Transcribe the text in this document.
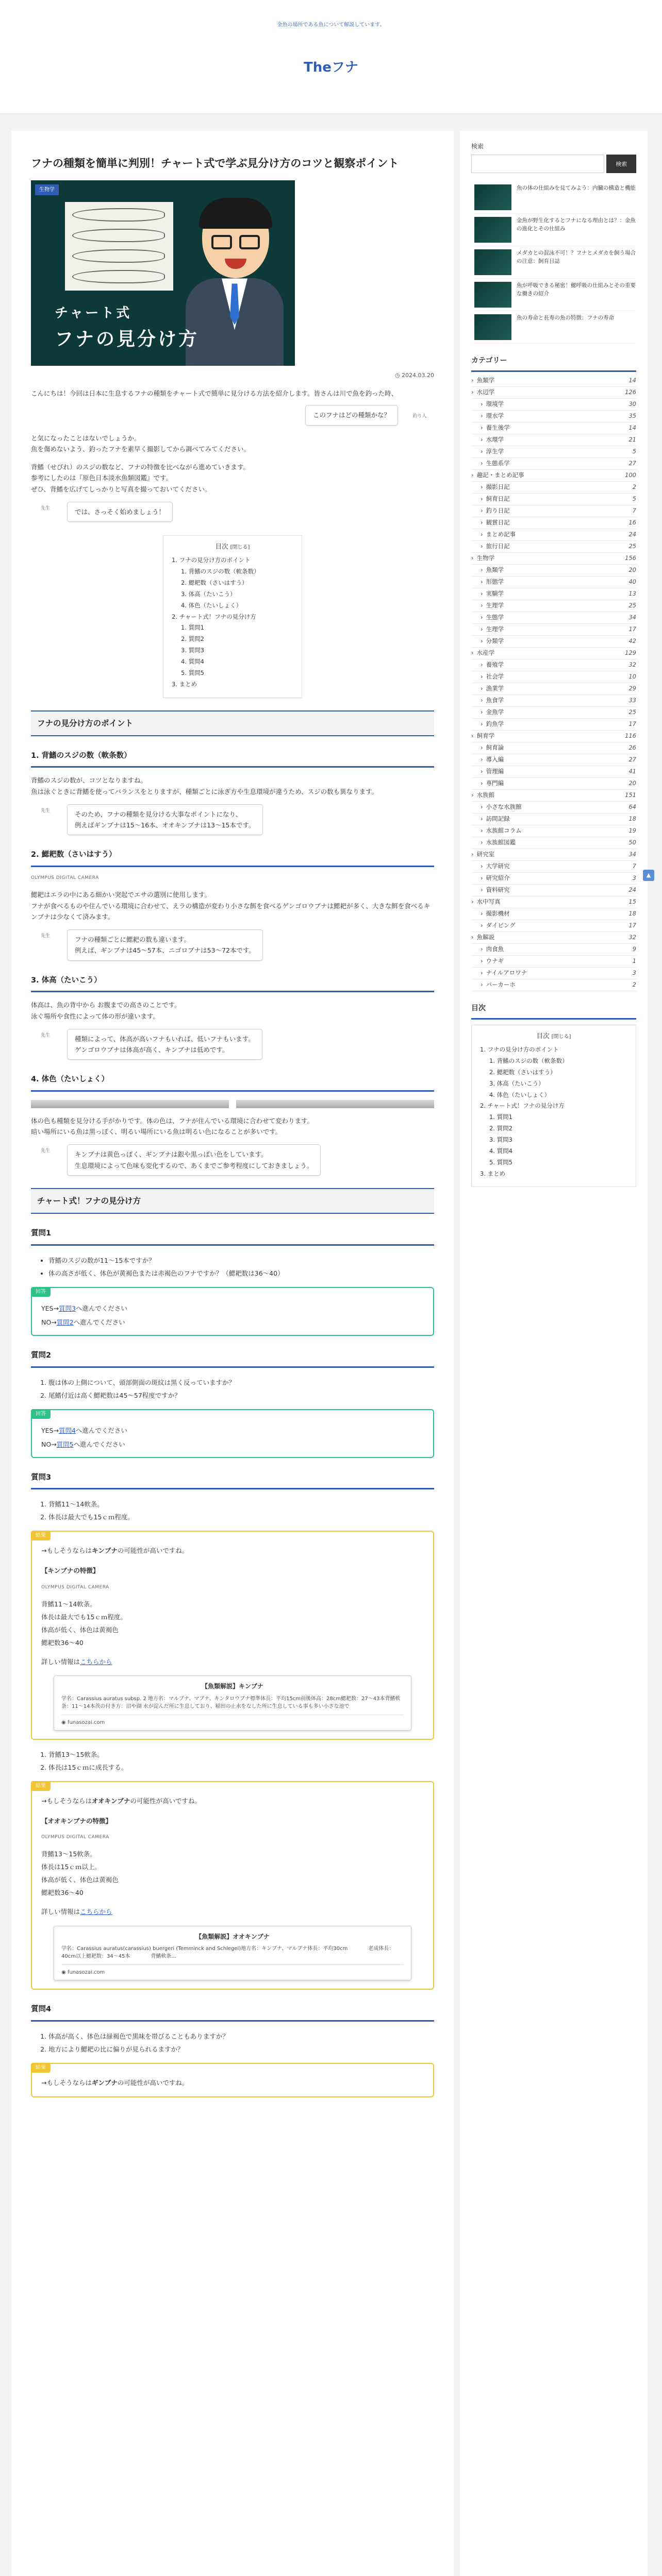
金魚の場所である魚について解説しています。
Theフナ
フナの種類を簡単に判別！チャート式で学ぶ見分け方のコツと観察ポイント
生物学
チャート式
フナの見分け方
◷ 2024.03.20

こんにちは！今回は日本に生息するフナの種類をチャート式で簡単に見分ける方法を紹介します。皆さんは川で魚を釣った時、

このフナはどの種類かな？	釣り人

と気になったことはないでしょうか。
魚を傷めないよう、釣ったフナを素早く撮影してから調べてみてください。

背鰭（せびれ）のスジの数など、フナの特徴を比べながら進めていきます。
参考にしたのは『原色日本淡水魚類図鑑』です。
ぜひ、背鰭を広げてしっかりと写真を撮っておいてください。

先生	では、さっそく始めましょう！
目次 [閉じる]
1. フナの見分け方のポイント
1. 背鰭のスジの数（軟条数）
2. 鰓耙数（さいはすう）
3. 体高（たいこう）
4. 体色（たいしょく）
2. チャート式！フナの見分け方
1. 質問1
2. 質問2
3. 質問3
4. 質問4
5. 質問5
3. まとめ
フナの見分け方のポイント
1. 背鰭のスジの数（軟条数）

背鰭のスジの数が、コツとなりますね。
魚は泳ぐときに背鰭を使ってバランスをとりますが、種類ごとに泳ぎ方や生息環境が違うため、スジの数も異なります。

先生	そのため、フナの種類を見分ける大事なポイントになり、
例えばギンブナは15〜16本、オオキンブナは13〜15本です。
2. 鰓耙数（さいはすう）
OLYMPUS DIGITAL CAMERA

鰓耙はエラの中にある細かい突起でエサの選別に使用します。
フナが食べるものや住んでいる環境に合わせて、えラの構造が変わり小さな餌を食べるゲンゴロウブナは鰓耙が多く、大きな餌を食べるキンブナは少なくて済みます。

先生	フナの種類ごとに鰓耙の数も違います。
例えば、ギンブナは45〜57本、ニゴロブナは53〜72本です。
3. 体高（たいこう）

体高は、魚の背中から お腹までの高さのことです。
泳ぐ場所や食性によって体の形が違います。

先生	種類によって、体高が高いフナもいれば、低いフナもいます。
ゲンゴロウブナは体高が高く、キンブナは低めです。
4. 体色（たいしょく）

体の色も種類を見分ける手がかりです。体の色は、フナが住んでいる環境に合わせて変わります。
暗い場所にいる魚は黒っぽく、明るい場所にいる魚は明るい色になることが多いです。

先生	キンブナは黄色っぽく、ギンブナは銀や黒っぽい色をしています。
生息環境によって色味も変化するので、あくまでご参考程度にしておきましょう。
チャート式！フナの見分け方
質問1
• 背鰭のスジの数が11〜15本ですか？
• 体の高さが低く、体色が黄褐色または赤褐色のフナですか？（鰓耙数は36〜40）
回答

YES→質問3へ進んでください

NO→質問2へ進んでください

質問2
1. 腹は体の上側について、頭部側面の斑紋は黒く反っていますか？
2. 尾鰭付近は高く鰓耙数は45〜57程度ですか？
回答

YES→質問4へ進んでください

NO→質問5へ進んでください

質問3
1. 背鰭11〜14軟条。
2. 体長は最大でも15ｃｍ程度。
結果

→もしそうならはキンブナの可能性が高いですね。

【キンブナの特徴】

OLYMPUS DIGITAL CAMERA

背鰭11〜14軟条。
体長は最大でも15ｃｍ程度。
体高が低く、体色は黄褐色
鰓耙数36〜40

詳しい情報はこちらから

【魚類解説】キンブナ
学名：Carassius auratus subsp. 2 地方名：マルブナ、マブナ、キンタロウブナ標準体長：平均15cm前後体高：28cm鰓耙数：27〜43本背鰭軟条：11〜14本茨の付き方：沼や湖 水が淀んだ所に生息しており、稲田の止水をなした所に生息している事も多い小さな池で
◉ funasozai.com
1. 背鰭13〜15軟条。
2. 体長は15ｃｍに成長する。
結果

→もしそうならはオオキンブナの可能性が高いですね。

【オオキンブナの特徴】

OLYMPUS DIGITAL CAMERA

背鰭13〜15軟条。
体長は15ｃｍ以上。
体高が低く、体色は黄褐色
鰓耙数36〜40

詳しい情報はこちらから

【魚類解説】オオキンブナ
学名：Carassius auratus(carassius) buergeri (Temminck and Schlegel)地方名：キンブナ、マルブナ体長：平均30cm　　　　老成体長：40cm以上鰓耙数：34〜45本　　　　背鰭軟条...
◉ funasozai.com
質問4
1. 体高が高く、体色は緑褐色で黒味を帯びることもありますか？
2. 地方により鰓耙の比に偏りが見られるますか？
結果

→もしそうならはギンブナの可能性が高いですね。

検索
検索
魚の体の仕組みを見てみよう：内臓の構造と機能
金魚が野生化するとフナになる理由とは？：金魚の進化とその仕組み
メダカとの混泳不可！？フナとメダカを飼う場合の注意：飼育日誌
魚が呼吸できる秘密！鰓呼吸の仕組みとその重要な働きの紹介
魚の寿命と長寿の魚の特徴：フナの寿命
カテゴリー
› 魚類学	14
› 水辺学	126
› 環境学	30
› 環水学	35
› 養生後学	14
› 水環学	21
› 淳生学	5
› 生態系学	27
› 趣記・まとめ記事	100
› 撮影日記	2
› 飼育日記	5
› 釣り日記	7
› 観賞日記	16
› まとめ記事	24
› 旅行日記	25
› 生物学	156
› 魚類学	20
› 形態学	40
› 実験学	13
› 生理学	25
› 生態学	34
› 生理学	17
› 分類学	42
› 水産学	129
› 養殖学	32
› 社会学	10
› 漁業学	29
› 魚食学	33
› 金魚学	25
› 釣魚学	17
› 飼育学	116
› 飼育論	26
› 導入編	27
› 管理編	41
› 専門編	20
› 水族館	151
› 小さな水族館	64
› 訪問記録	18
› 水族館コラム	19
› 水族館図鑑	50
› 研究室	34
› 大学研究	7
› 研究紹介	3
› 資料研究	24
› 水中写真	15
› 撮影機材	18
› ダイビング	17
› 魚解説	32
› 肉食魚	9
› ウナギ	1
› ナイルアロワナ	3
› パーカーホ	2
目次
目次 [閉じる]
1. フナの見分け方のポイント
1. 背鰭のスジの数（軟条数）
2. 鰓耙数（さいはすう）
3. 体高（たいこう）
4. 体色（たいしょく）
2. チャート式！フナの見分け方
1. 質問1
2. 質問2
3. 質問3
4. 質問4
5. 質問5
3. まとめ
▲
